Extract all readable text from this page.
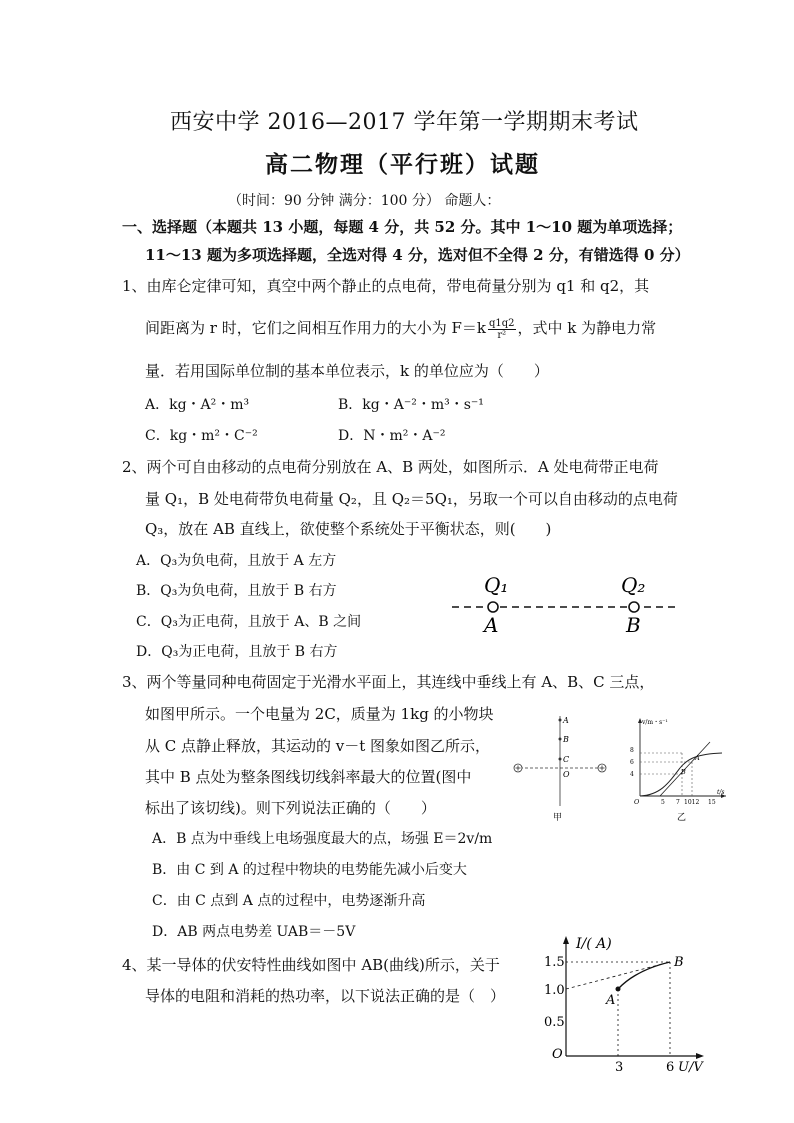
西安中学 2016—2017 学年第一学期期末考试
高二物理（平行班）试题
（时间：90 分钟 满分：100 分） 命题人：
一、选择题（本题共 13 小题，每题 4 分，共 52 分。其中 1～10 题为单项选择；
11～13 题为多项选择题，全选对得 4 分，选对但不全得 2 分，有错选得 0 分）
1、由库仑定律可知，真空中两个静止的点电荷，带电荷量分别为 q1 和 q2，其
间距离为 r 时，它们之间相互作用力的大小为 $F=k \frac{q1q2}{\text{r²}}$ ，式中 k 为静电力常
量．若用国际单位制的基本单位表示，k 的单位应为（　　）
A．kg・A²・m³	B．kg・A⁻²・m³・s⁻¹
C．kg・m²・C⁻²	D．N・m²・A⁻²
2、两个可自由移动的点电荷分别放在 A、B 两处，如图所示．A 处电荷带正电荷
量 Q₁，B 处电荷带负电荷量 Q₂，且 Q₂＝5Q₁，另取一个可以自由移动的点电荷
Q₃，放在 AB 直线上，欲使整个系统处于平衡状态，则(　　)
A．Q₃为负电荷，且放于 A 左方
B．Q₃为负电荷，且放于 B 右方
C．Q₃为正电荷，且放于 A、B 之间
D．Q₃为正电荷，且放于 B 右方
Q₁	Q₂
A	B
3、两个等量同种电荷固定于光滑水平面上，其连线中垂线上有 A、B、C 三点，
如图甲所示。一个电量为 2C，质量为 1kg 的小物块
从 C 点静止释放，其运动的 v－t 图象如图乙所示，
其中 B 点处为整条图线切线斜率最大的位置(图中
标出了该切线)。则下列说法正确的（　　）
A．B 点为中垂线上电场强度最大的点，场强 E＝2v/m
B．由 C 到 A 的过程中物块的电势能先减小后变大
C．由 C 点到 A 点的过程中，电势逐渐升高
D．AB 两点电势差 UAB＝－5V
A
B
C
O
甲
v/m・s⁻¹
t/s
8
6
4
O	5 7 1012 15
A
B
乙
4、某一导体的伏安特性曲线如图中 AB(曲线)所示，关于
导体的电阻和消耗的热功率，以下说法正确的是（　）
I/( A)
U/V
1.5
1.0
0.5
O
3	6
A
B
